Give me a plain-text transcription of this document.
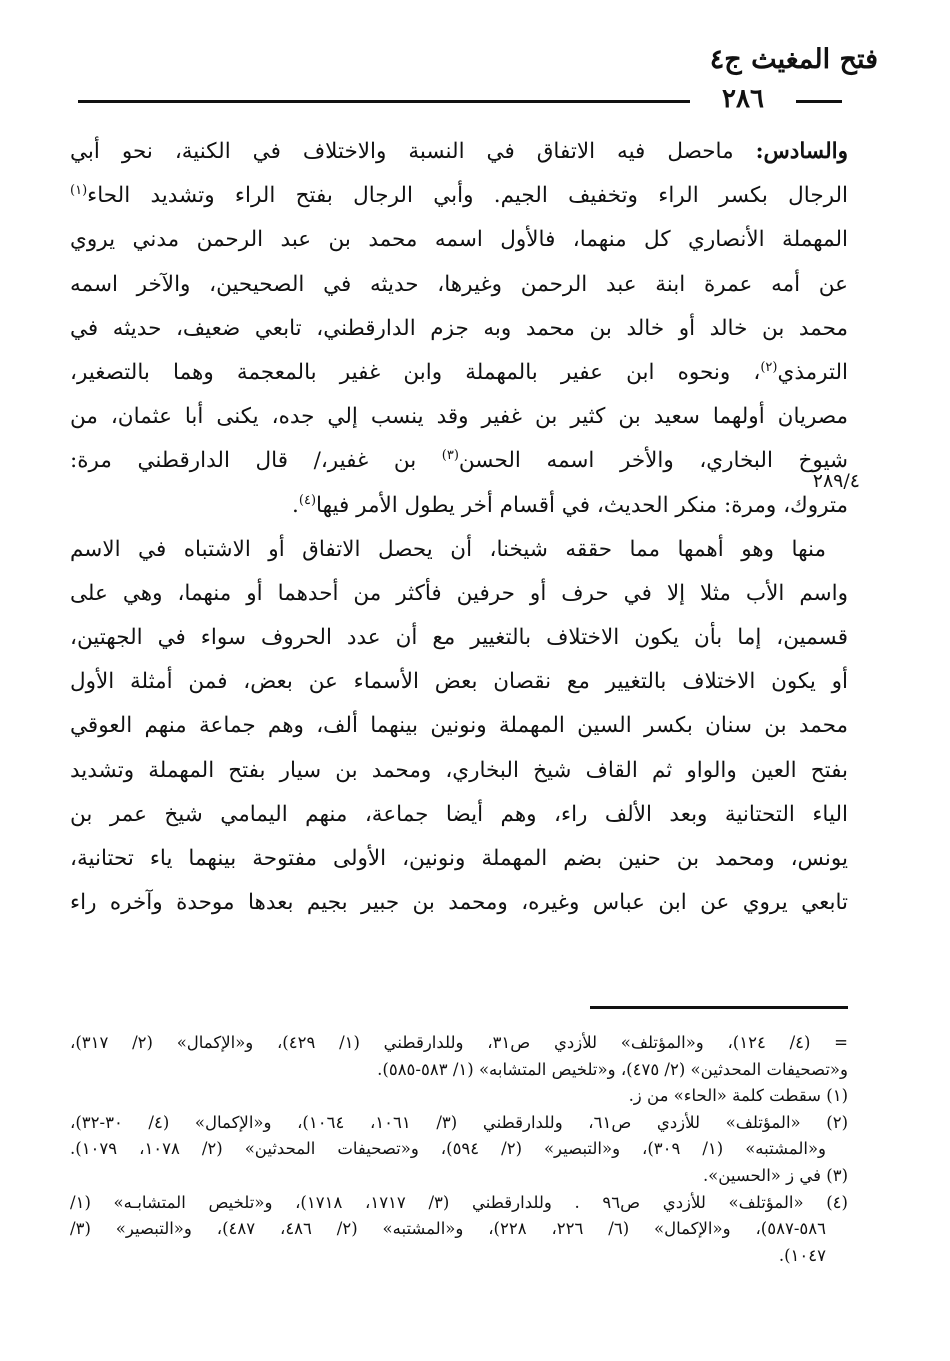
فتح المغيث ج٤
٢٨٦
٢٨٩/٤
والسادس: ماحصل فيه الاتفاق في النسبة والاختلاف في الكنية، نحو أبي
الرجال بكسر الراء وتخفيف الجيم. وأبي الرجال بفتح الراء وتشديد الحاء$^{(١)}$
المهملة الأنصاري كل منهما، فالأول اسمه محمد بن عبد الرحمن مدني يروي
عن أمه عمرة ابنة عبد الرحمن وغيرها، حديثه في الصحيحين، والآخر اسمه
محمد بن خالد أو خالد بن محمد وبه جزم الدارقطني، تابعي ضعيف، حديثه في
الترمذي$^{(٢)}$، ونحوه ابن عفير بالمهملة وابن غفير بالمعجمة وهما بالتصغير،
مصريان أولهما سعيد بن كثير بن غفير وقد ينسب إلي جده، يكنى أبا عثمان، من
شيوخ البخاري، والأخر اسمه الحسن$^{(٣)}$ بن غفير،/ قال الدارقطني مرة:
متروك، ومرة: منكر الحديث، في أقسام أخر يطول الأمر فيها$^{(٤)}$.
منها وهو أهمها مما حققه شيخنا، أن يحصل الاتفاق أو الاشتباه في الاسم
واسم الأب مثلا إلا في حرف أو حرفين فأكثر من أحدهما أو منهما، وهي على
قسمين، إما بأن يكون الاختلاف بالتغيير مع أن عدد الحروف سواء في الجهتين،
أو يكون الاختلاف بالتغيير مع نقصان بعض الأسماء عن بعض، فمن أمثلة الأول
محمد بن سنان بكسر السين المهملة ونونين بينهما ألف، وهم جماعة منهم العوقي
بفتح العين والواو ثم القاف شيخ البخاري، ومحمد بن سيار بفتح المهملة وتشديد
الياء التحتانية وبعد الألف راء، وهم أيضا جماعة، منهم اليمامي شيخ عمر بن
يونس، ومحمد بن حنين بضم المهملة ونونين، الأولى مفتوحة بينهما ياء تحتانية،
تابعي يروي عن ابن عباس وغيره، ومحمد بن جبير بجيم بعدها موحدة وآخره راء
= (٤/ ١٢٤)، و«المؤتلف» للأزدي ص٣١، وللدارقطني (١/ ٤٢٩)، و«الإكمال» (٢/ ٣١٧)،
و«تصحيفات المحدثين» (٢/ ٤٧٥)، و«تلخيص المتشابه» (١/ ٥٨٣-٥٨٥).
(١) سقطت كلمة «الحاء» من ز.
(٢) «المؤتلف» للأزدي ص٦١، وللدارقطني (٣/ ١٠٦١، ١٠٦٤)، و«الإكمال» (٤/ ٣٠-٣٢)،
و«المشتبه» (١/ ٣٠٩)، و«التبصير» (٢/ ٥٩٤)، و«تصحيفات المحدثين» (٢/ ١٠٧٨، ١٠٧٩).
(٣) في ز «الحسين».
(٤) «المؤتلف» للأزدي ص٩٦ . وللدارقطني (٣/ ١٧١٧، ١٧١٨)، و«تلخيص المتشابـه» (١/
٥٨٦-٥٨٧)، و«الإكمال» (٦/ ٢٢٦، ٢٢٨)، و«المشتبه» (٢/ ٤٨٦، ٤٨٧)، و«التبصير» (٣/
١٠٤٧).
